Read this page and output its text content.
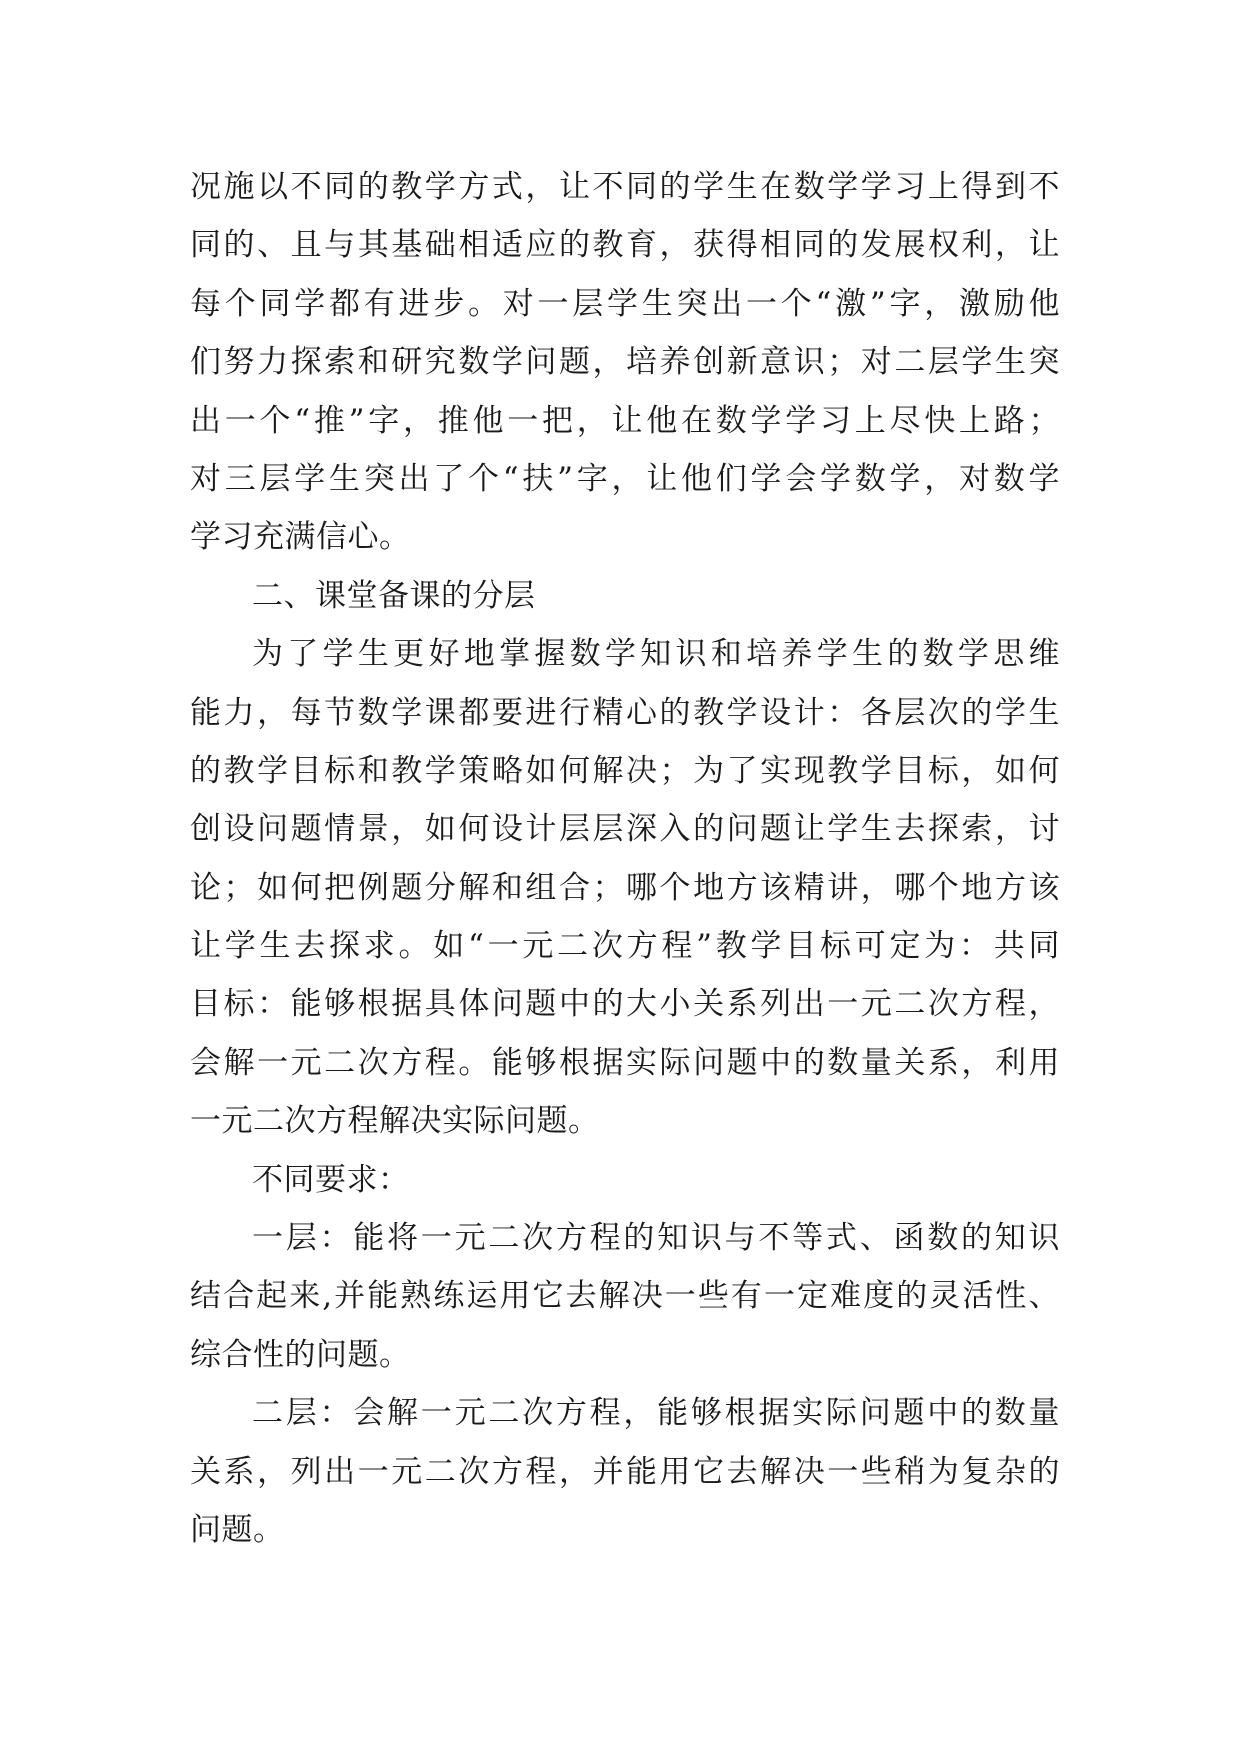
况施以不同的教学方式，让不同的学生在数学学习上得到不
同的、且与其基础相适应的教育，获得相同的发展权利，让
每个同学都有进步。对一层学生突出一个“激”字，激励他
们努力探索和研究数学问题，培养创新意识；对二层学生突
出一个“推”字，推他一把，让他在数学学习上尽快上路；
对三层学生突出了个“扶”字，让他们学会学数学，对数学
学习充满信心。
二、课堂备课的分层
为了学生更好地掌握数学知识和培养学生的数学思维
能力，每节数学课都要进行精心的教学设计：各层次的学生
的教学目标和教学策略如何解决；为了实现教学目标，如何
创设问题情景，如何设计层层深入的问题让学生去探索，讨
论；如何把例题分解和组合；哪个地方该精讲，哪个地方该
让学生去探求。如“一元二次方程”教学目标可定为：共同
目标：能够根据具体问题中的大小关系列出一元二次方程，
会解一元二次方程。能够根据实际问题中的数量关系，利用
一元二次方程解决实际问题。
不同要求：
一层：能将一元二次方程的知识与不等式、函数的知识
结合起来,并能熟练运用它去解决一些有一定难度的灵活性、
综合性的问题。
二层：会解一元二次方程，能够根据实际问题中的数量
关系，列出一元二次方程，并能用它去解决一些稍为复杂的
问题。
